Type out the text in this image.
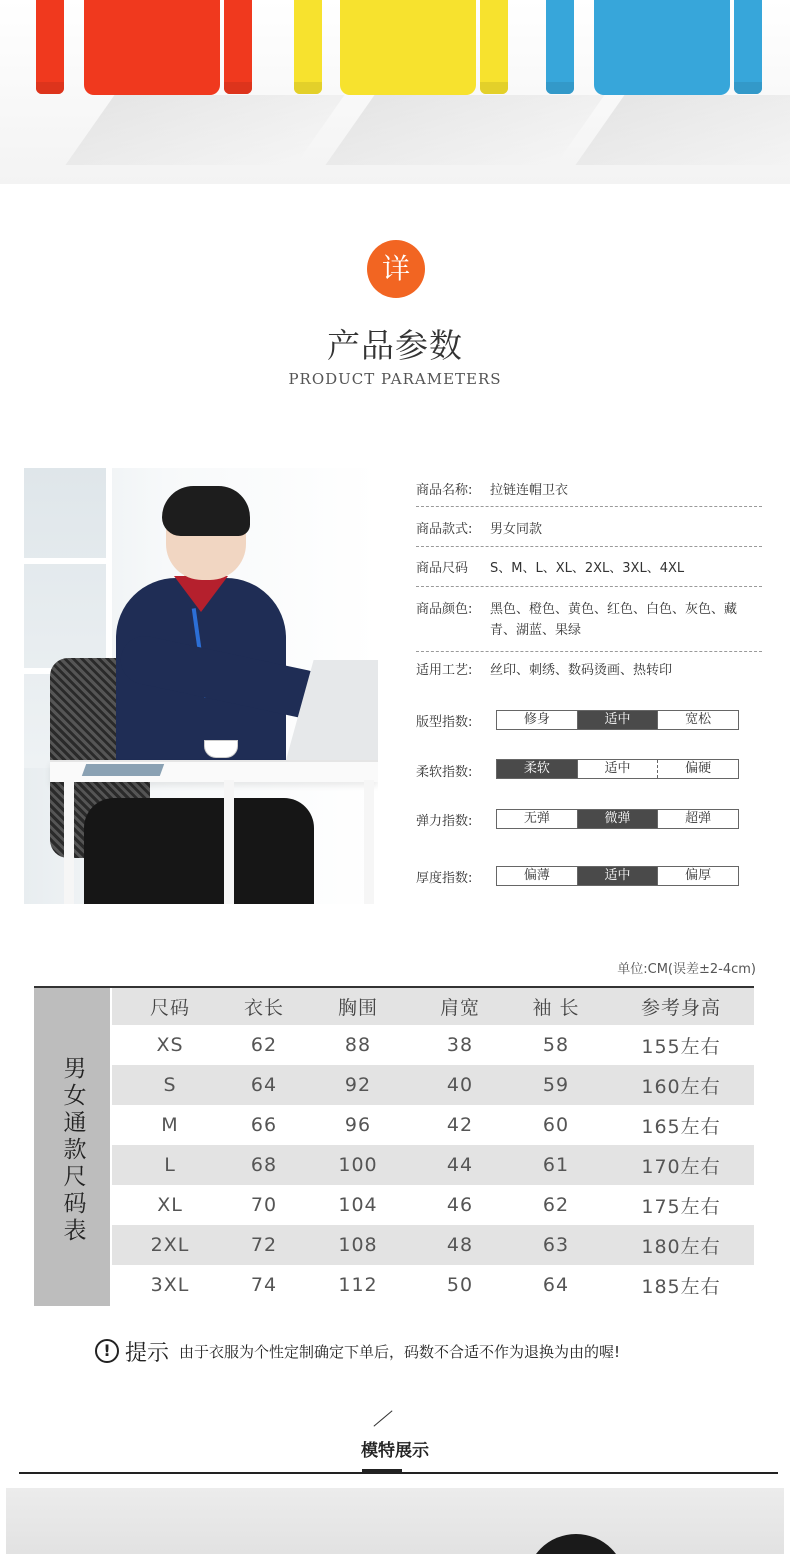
详
产品参数
PRODUCT PARAMETERS
商品名称: 拉链连帽卫衣
商品款式: 男女同款
商品尺码 S、M、L、XL、2XL、3XL、4XL
商品颜色: 黑色、橙色、黄色、红色、白色、灰色、藏青、湖蓝、果绿
适用工艺: 丝印、刺绣、数码烫画、热转印
版型指数:	修身	适中	宽松
柔软指数:	柔软	适中	偏硬
弹力指数:	无弹	微弹	超弹
厚度指数:	偏薄	适中	偏厚
单位:CM(误差±2-4cm)
男女通款尺码表
尺码	衣长	胸围	肩宽	袖 长	参考身高
XS	62	88	38	58	155左右
S	64	92	40	59	160左右
M	66	96	42	60	165左右
L	68	100	44	61	170左右
XL	70	104	46	62	175左右
2XL	72	108	48	63	180左右
3XL	74	112	50	64	185左右
! 提示 由于衣服为个性定制确定下单后，码数不合适不作为退换为由的喔!
模特展示
